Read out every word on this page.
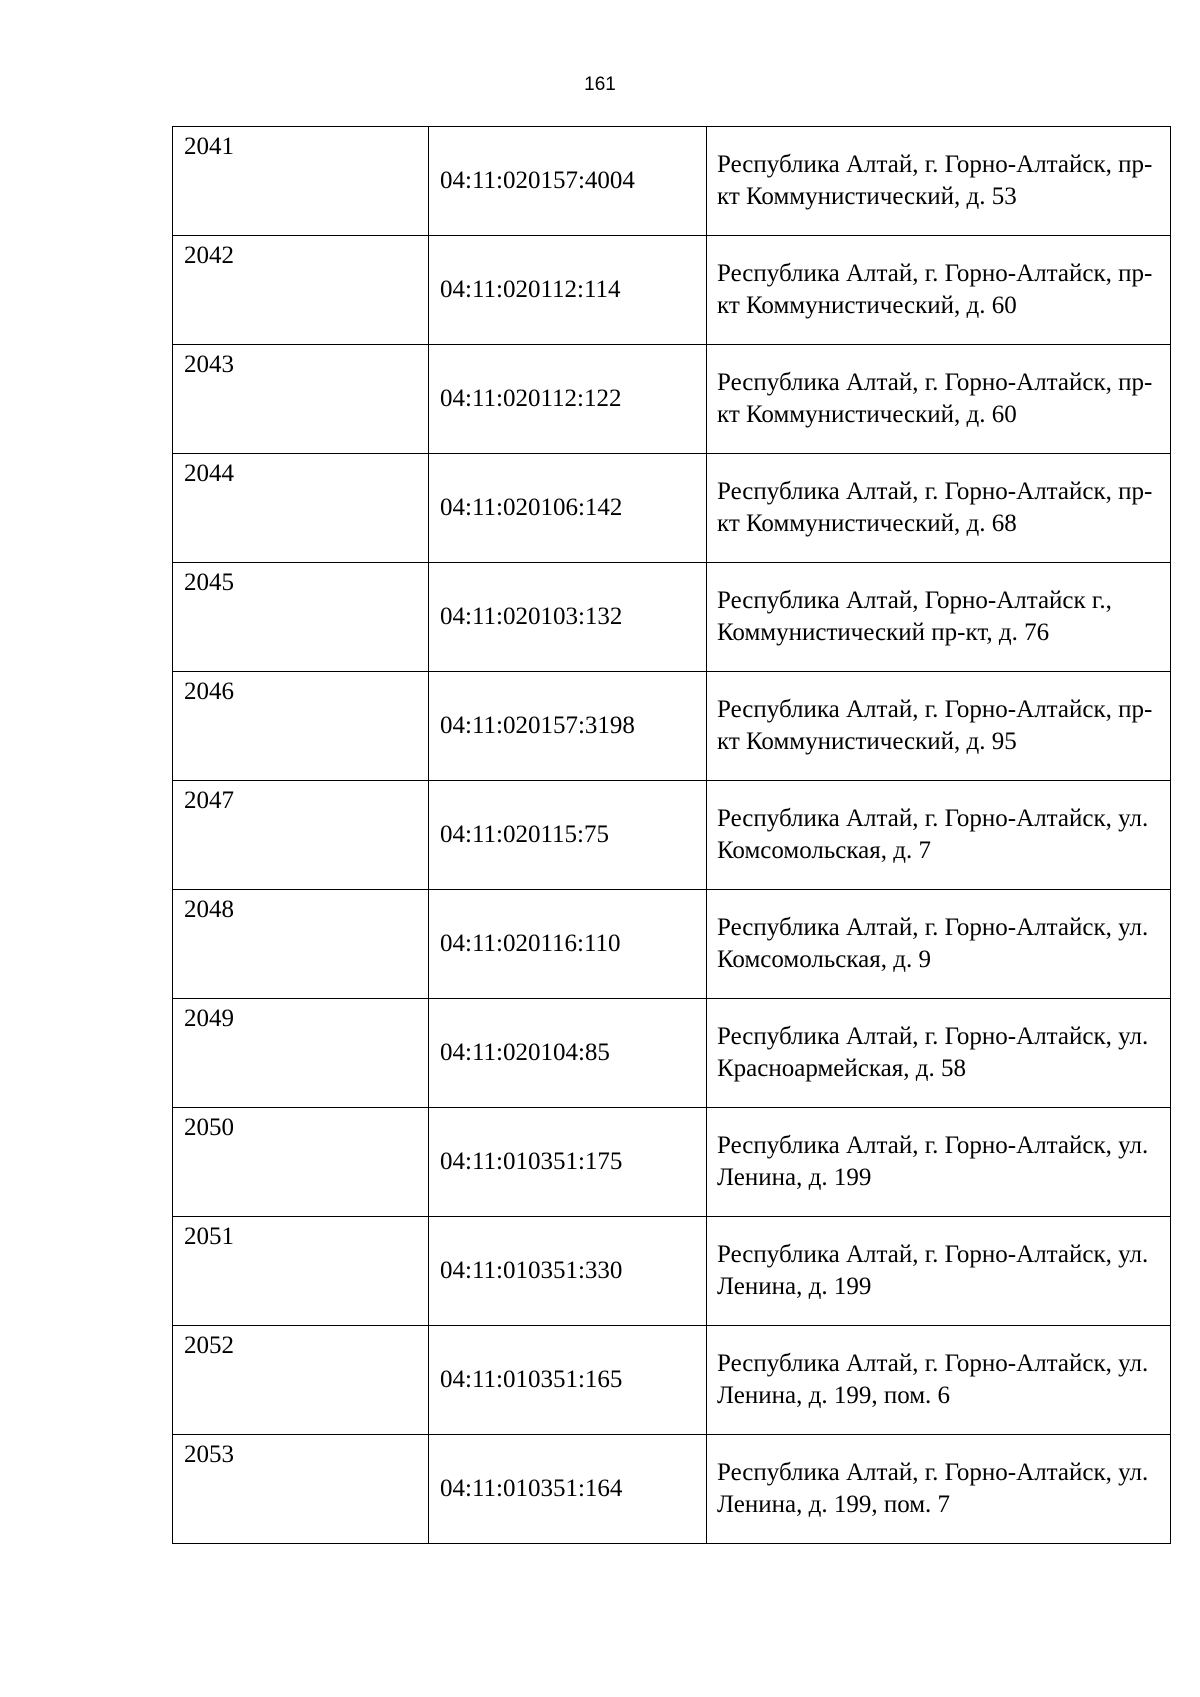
161
2041	04:11:020157:4004	Республика Алтай, г. Горно-Алтайск, пр-кт Коммунистический, д. 53
2042	04:11:020112:114	Республика Алтай, г. Горно-Алтайск, пр-кт Коммунистический, д. 60
2043	04:11:020112:122	Республика Алтай, г. Горно-Алтайск, пр-кт Коммунистический, д. 60
2044	04:11:020106:142	Республика Алтай, г. Горно-Алтайск, пр-кт Коммунистический, д. 68
2045	04:11:020103:132	Республика Алтай, Горно-Алтайск г., Коммунистический пр-кт, д. 76
2046	04:11:020157:3198	Республика Алтай, г. Горно-Алтайск, пр-кт Коммунистический, д. 95
2047	04:11:020115:75	Республика Алтай, г. Горно-Алтайск, ул. Комсомольская, д. 7
2048	04:11:020116:110	Республика Алтай, г. Горно-Алтайск, ул. Комсомольская, д. 9
2049	04:11:020104:85	Республика Алтай, г. Горно-Алтайск, ул. Красноармейская, д. 58
2050	04:11:010351:175	Республика Алтай, г. Горно-Алтайск, ул. Ленина, д. 199
2051	04:11:010351:330	Республика Алтай, г. Горно-Алтайск, ул. Ленина, д. 199
2052	04:11:010351:165	Республика Алтай, г. Горно-Алтайск, ул. Ленина, д. 199, пом. 6
2053	04:11:010351:164	Республика Алтай, г. Горно-Алтайск, ул. Ленина, д. 199, пом. 7
